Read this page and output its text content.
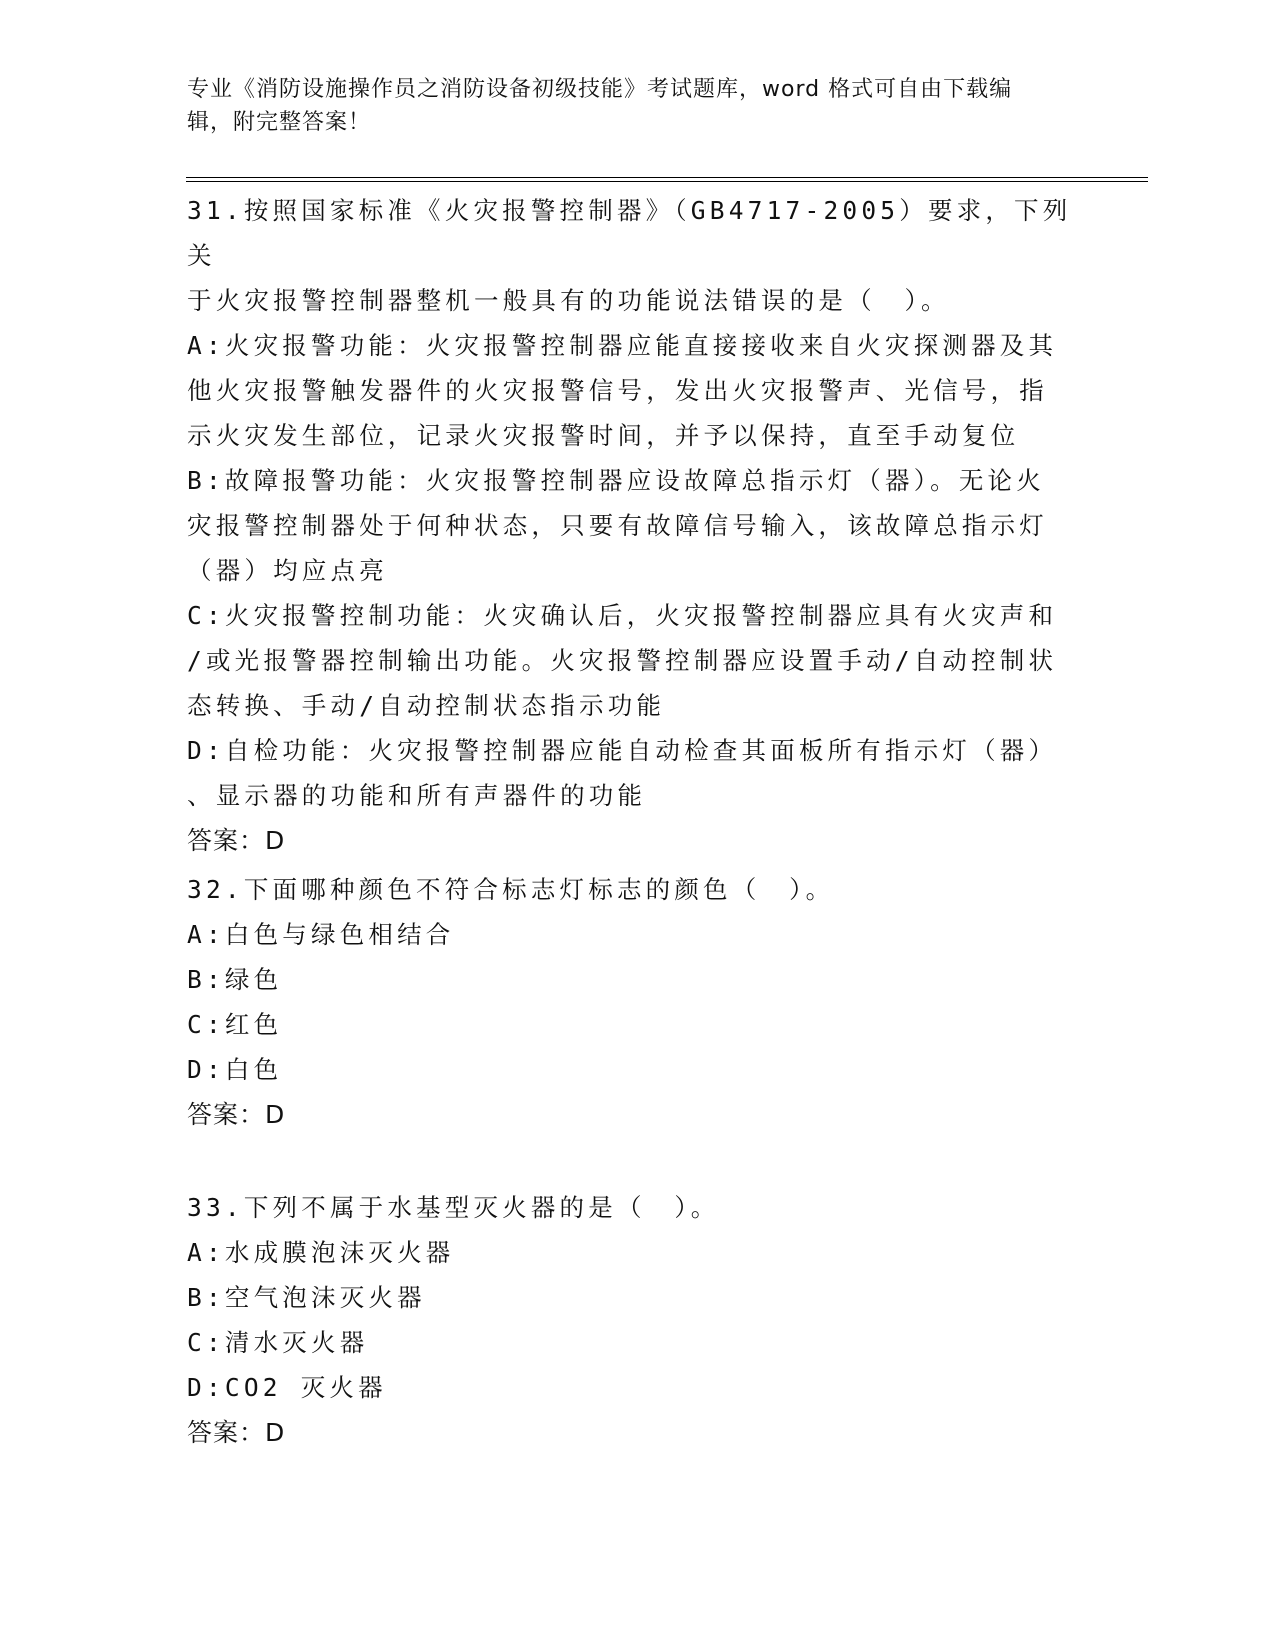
专业《消防设施操作员之消防设备初级技能》考试题库，word 格式可自由下载编
辑，附完整答案！
31.按照国家标准《火灾报警控制器》（GB4717-2005）要求，下列关
于火灾报警控制器整机一般具有的功能说法错误的是（　）。
A:火灾报警功能：火灾报警控制器应能直接接收来自火灾探测器及其
他火灾报警触发器件的火灾报警信号，发出火灾报警声、光信号，指
示火灾发生部位，记录火灾报警时间，并予以保持，直至手动复位
B:故障报警功能：火灾报警控制器应设故障总指示灯（器）。无论火
灾报警控制器处于何种状态，只要有故障信号输入，该故障总指示灯
（器）均应点亮
C:火灾报警控制功能：火灾确认后，火灾报警控制器应具有火灾声和
/或光报警器控制输出功能。火灾报警控制器应设置手动/自动控制状
态转换、手动/自动控制状态指示功能
D:自检功能：火灾报警控制器应能自动检查其面板所有指示灯（器）
、显示器的功能和所有声器件的功能
答案：D
32.下面哪种颜色不符合标志灯标志的颜色（　）。
A:白色与绿色相结合
B:绿色
C:红色
D:白色
答案：D
33.下列不属于水基型灭火器的是（　）。
A:水成膜泡沫灭火器
B:空气泡沫灭火器
C:清水灭火器
D:CO2 灭火器
答案：D
